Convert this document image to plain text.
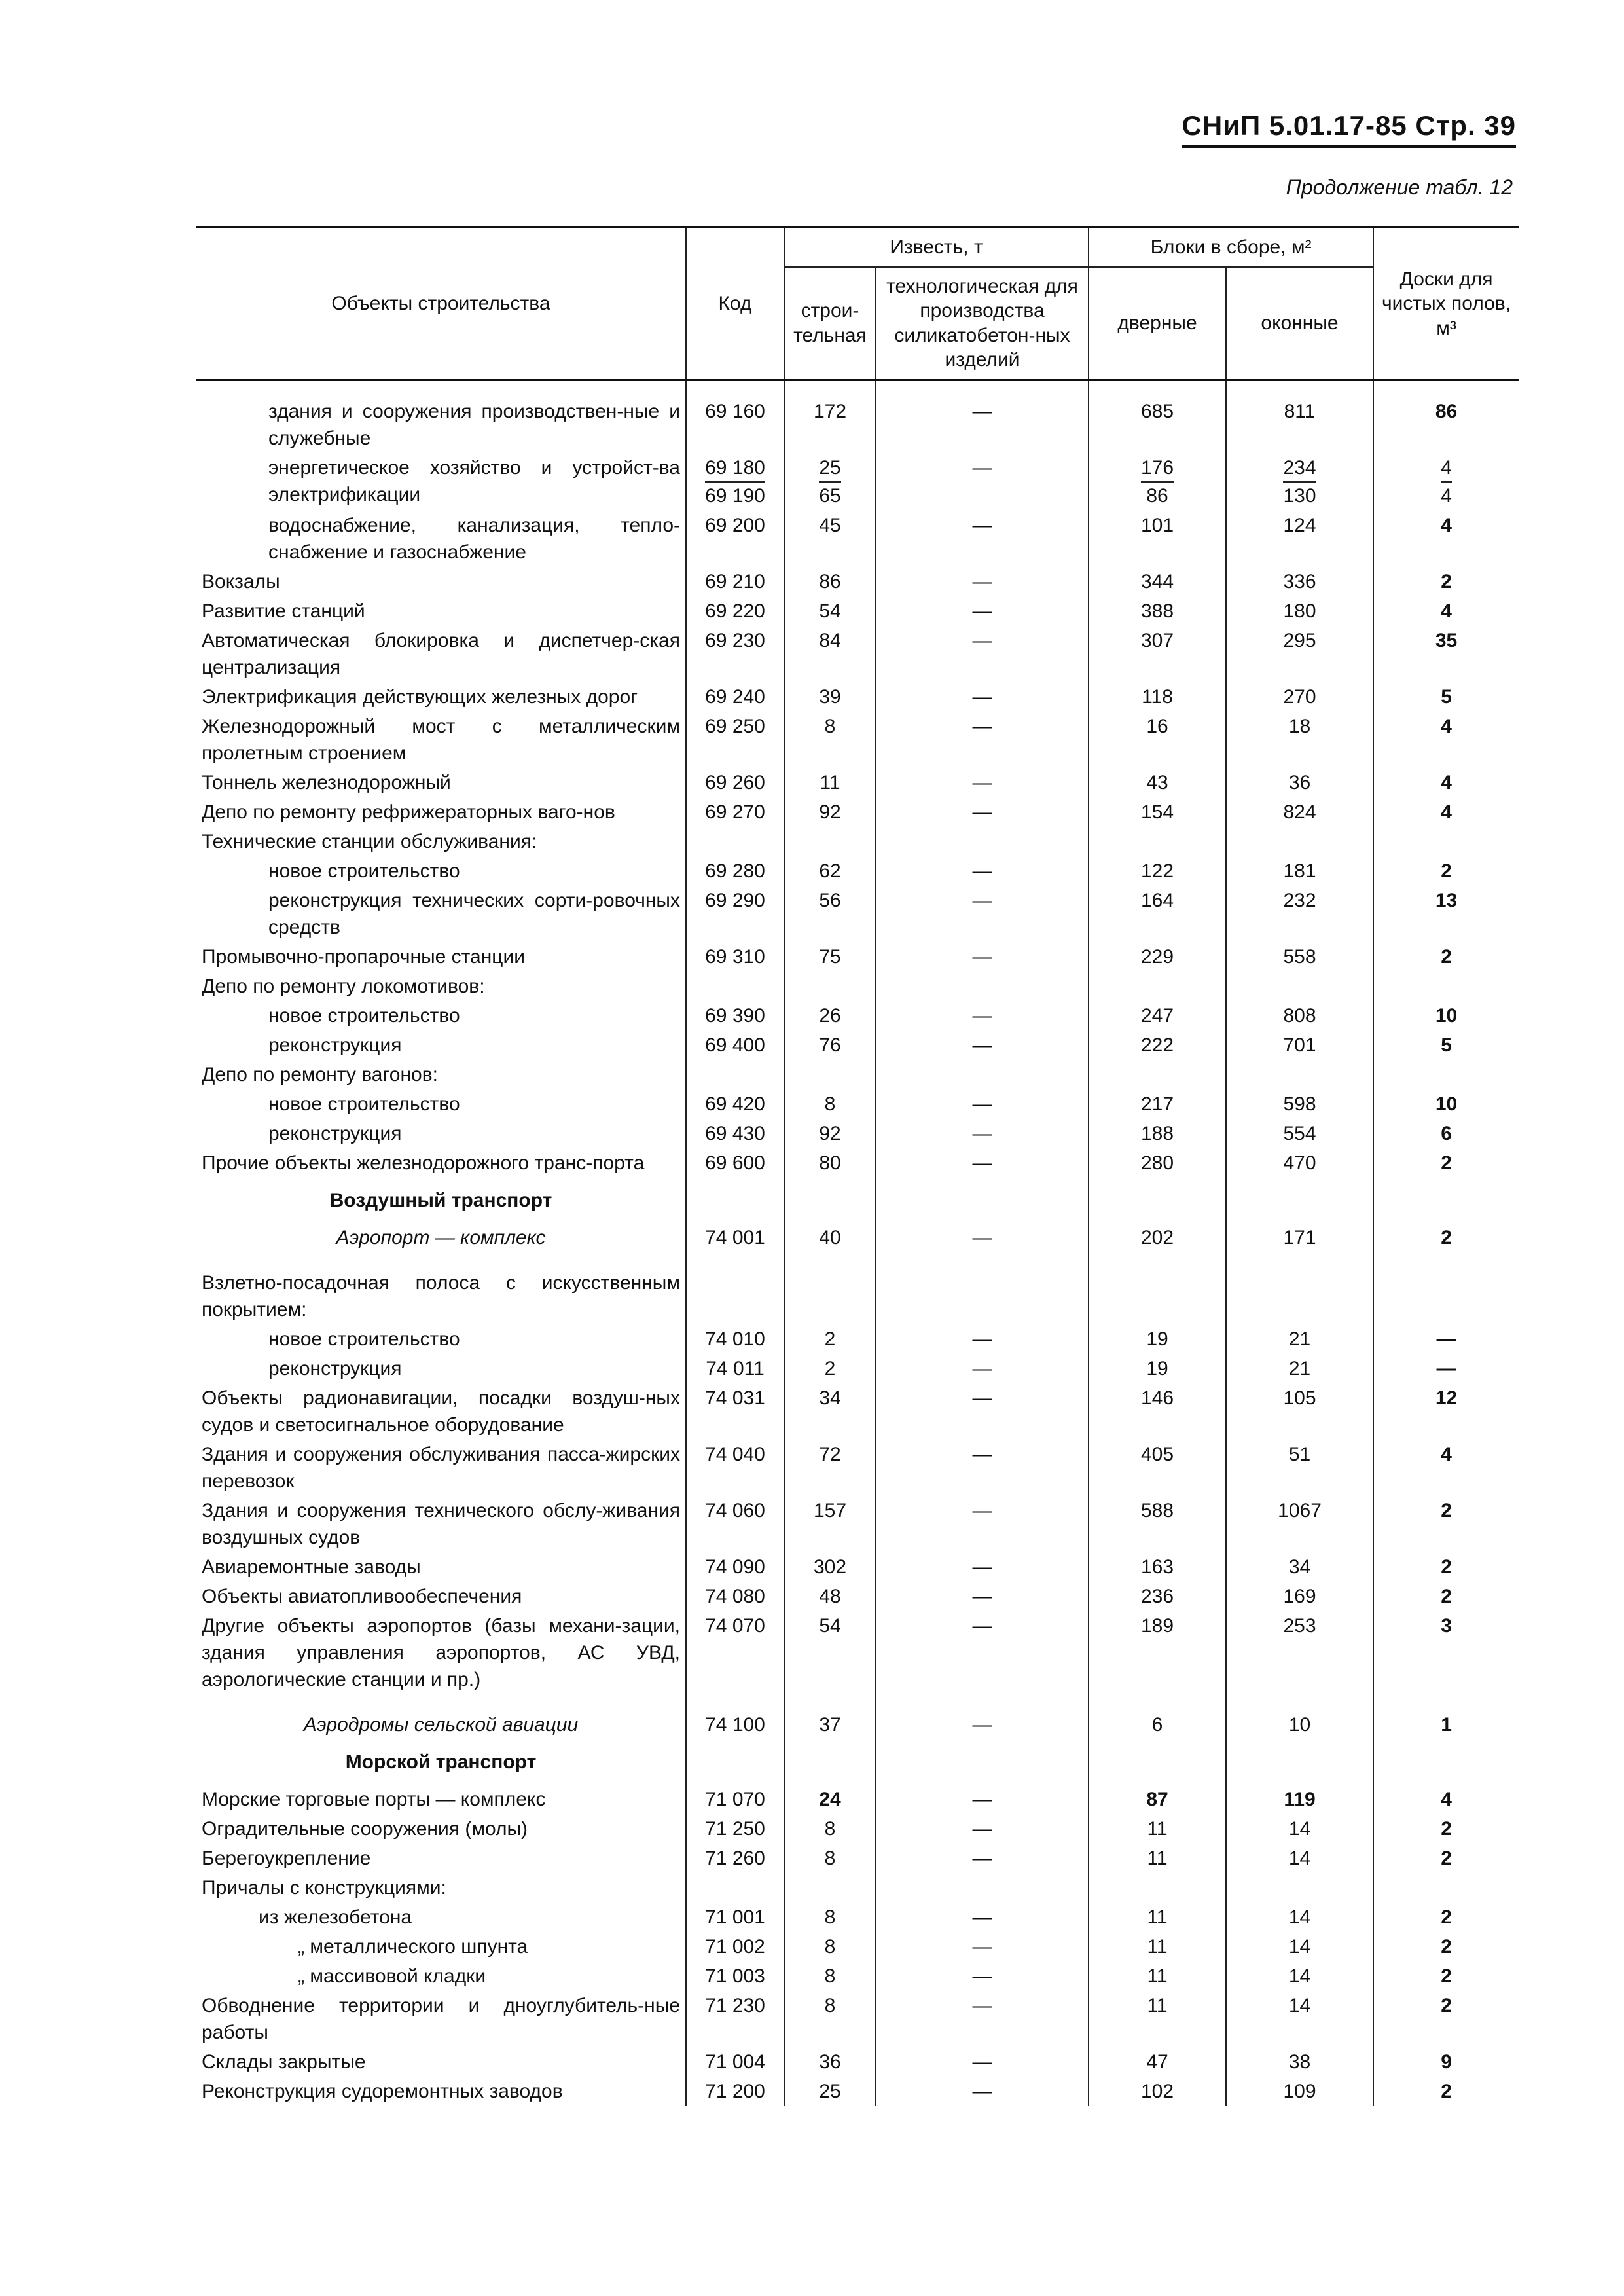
СНиП 5.01.17-85 Стр. 39
Продолжение табл. 12
Объекты строительства	Код	Известь, т		Блоки в сборе, м²		Доски для чистых полов, м³
		строи-тельная	технологическая для производства силикатобетон-ных изделий	дверные	оконные	

здания и сооружения производствен-ные и служебные	69 160	172	—	685	811	86
энергетическое хозяйство и устройст-ва электрификации	$\frac{69 180}{69 190}$	$\frac{25}{65}$	—	$\frac{176}{86}$	$\frac{234}{130}$	$\frac{4}{4}$
водоснабжение, канализация, тепло-снабжение и газоснабжение	69 200	45	—	101	124	4
Вокзалы	69 210	86	—	344	336	2
Развитие станций	69 220	54	—	388	180	4
Автоматическая блокировка и диспетчер-ская централизация	69 230	84	—	307	295	35
Электрификация действующих железных дорог	69 240	39	—	118	270	5
Железнодорожный мост с металлическим пролетным строением	69 250	8	—	16	18	4
Тоннель железнодорожный	69 260	11	—	43	36	4
Депо по ремонту рефрижераторных ваго-нов	69 270	92	—	154	824	4
Технические станции обслуживания:						
новое строительство	69 280	62	—	122	181	2
реконструкция технических сорти-ровочных средств	69 290	56	—	164	232	13
Промывочно-пропарочные станции	69 310	75	—	229	558	2
Депо по ремонту локомотивов:						
новое строительство	69 390	26	—	247	808	10
реконструкция	69 400	76	—	222	701	5
Депо по ремонту вагонов:						
новое строительство	69 420	8	—	217	598	10
реконструкция	69 430	92	—	188	554	6
Прочие объекты железнодорожного транс-порта	69 600	80	—	280	470	2
Воздушный транспорт						
Аэропорт — комплекс	74 001	40	—	202	171	2

Взлетно-посадочная полоса с искусственным покрытием:						
новое строительство	74 010	2	—	19	21	—
реконструкция	74 011	2	—	19	21	—
Объекты радионавигации, посадки воздуш-ных судов и светосигнальное оборудование	74 031	34	—	146	105	12
Здания и сооружения обслуживания пасса-жирских перевозок	74 040	72	—	405	51	4
Здания и сооружения технического обслу-живания воздушных судов	74 060	157	—	588	1067	2
Авиаремонтные заводы	74 090	302	—	163	34	2
Объекты авиатопливообеспечения	74 080	48	—	236	169	2
Другие объекты аэропортов (базы механи-зации, здания управления аэропортов, АС УВД, аэрологические станции и пр.)	74 070	54	—	189	253	3

Аэродромы сельской авиации	74 100	37	—	6	10	1
Морской транспорт						
Морские торговые порты — комплекс	71 070	24	—	87	119	4
Оградительные сооружения (молы)	71 250	8	—	11	14	2
Берегоукрепление	71 260	8	—	11	14	2
Причалы с конструкциями:						
из железобетона	71 001	8	—	11	14	2
„ металлического шпунта	71 002	8	—	11	14	2
„ массивовой кладки	71 003	8	—	11	14	2
Обводнение территории и дноуглубитель-ные работы	71 230	8	—	11	14	2
Склады закрытые	71 004	36	—	47	38	9
Реконструкция судоремонтных заводов	71 200	25	—	102	109	2
